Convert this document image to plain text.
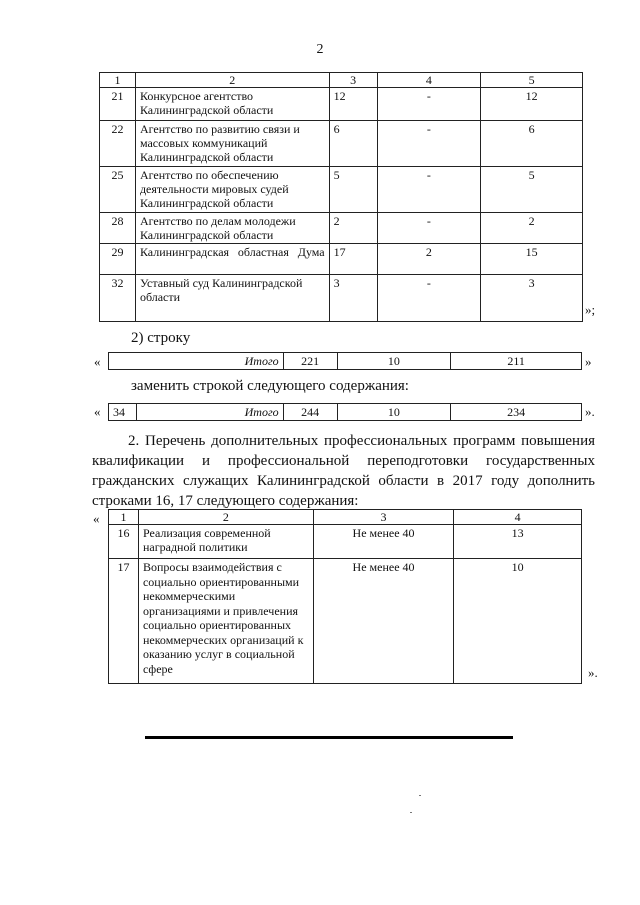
2
1	2	3	4	5
21	Конкурсное агентство Калининградской области	12	-	12
22	Агентство по развитию связи и массовых коммуникаций Калининградской области	6	-	6
25	Агентство по обеспечению деятельности мировых судей Калининградской области	5	-	5
28	Агентство по делам молодежи Калининградской области	2	-	2
29	Калининградская областная Дума	17	2	15
32	Уставный суд Калининградской области	3	-	3
»;
2) строку
«	Итого	221	10	211	»
заменить строкой следующего содержания:
« 34	Итого	244	10	234	».
2. Перечень дополнительных профессиональных программ повышения квалификации и профессиональной переподготовки государственных гражданских служащих Калининградской области в 2017 году дополнить строками 16, 17 следующего содержания:
« 1	2	3	4
16	Реализация современной наградной политики	Не менее 40	13
17	Вопросы взаимодействия с социально ориентированными некоммерческими организациями и привлечения социально ориентированных некоммерческих организаций к оказанию услуг в социальной сфере	Не менее 40	10
».
